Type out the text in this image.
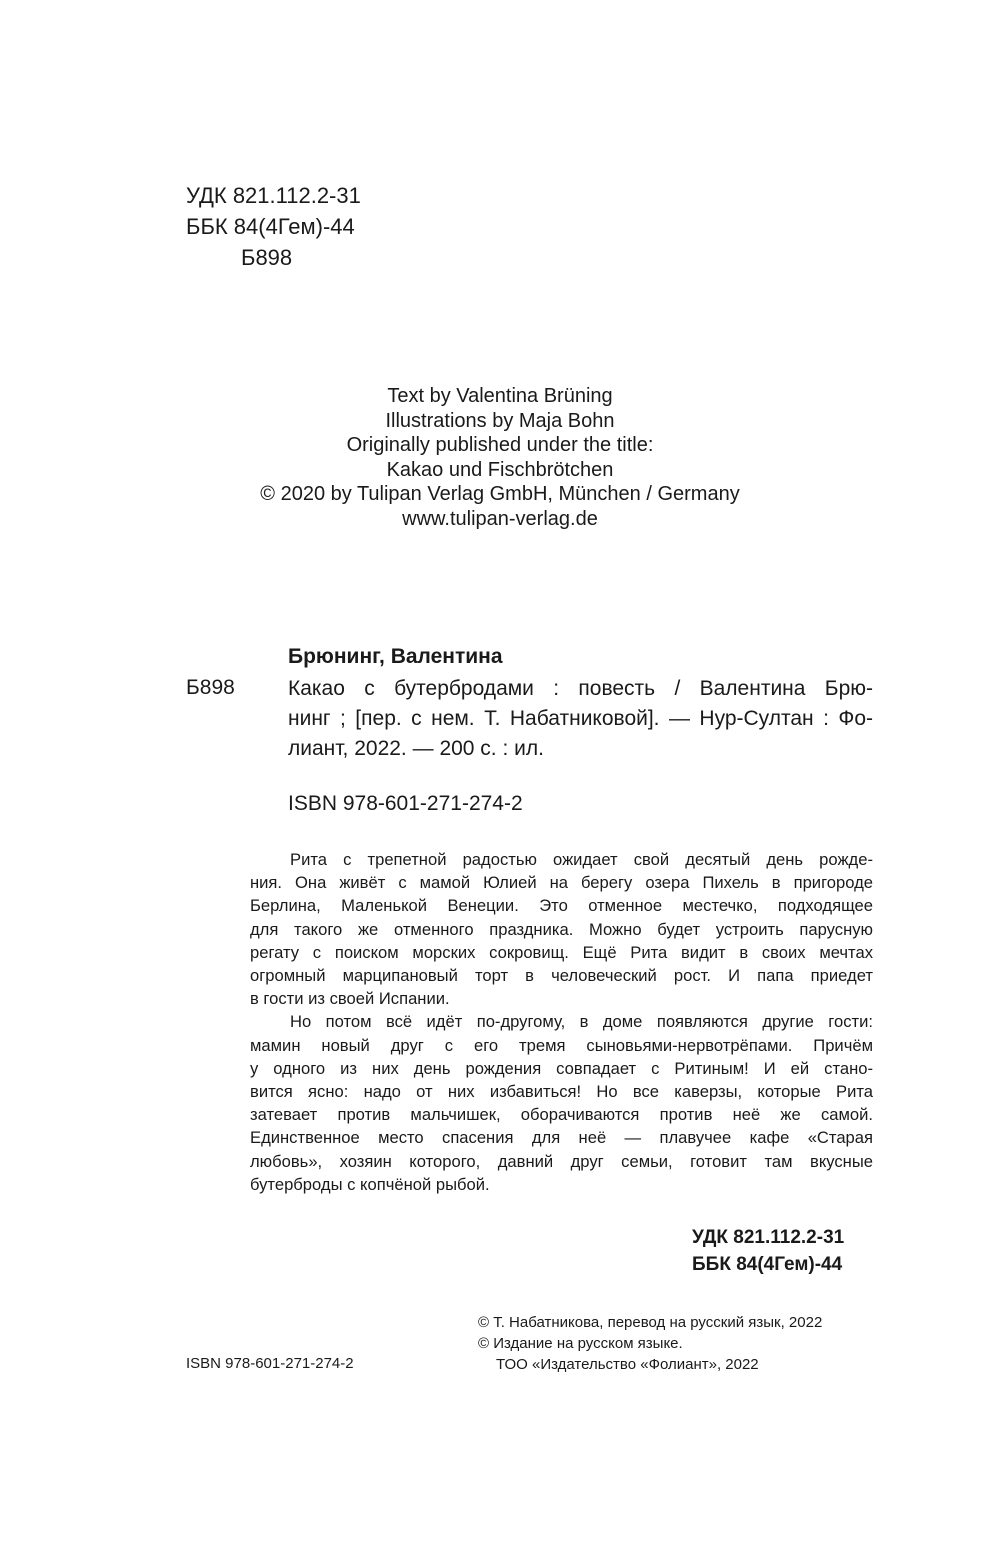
УДК 821.112.2-31
ББК 84(4Гем)-44
Б898
Text by Valentina Brüning
Illustrations by Maja Bohn
Originally published under the title:
Kakao und Fischbrötchen
© 2020 by Tulipan Verlag GmbH, München / Germany
www.tulipan-verlag.de
Брюнинг, Валентина
Б898	Какао с бутербродами : повесть / Валентина Брю-
нинг ; [пер. с нем. Т. Набатниковой]. — Нур-Султан : Фо-
лиант, 2022. — 200 с. : ил.
ISBN 978-601-271-274-2
Рита с трепетной радостью ожидает свой десятый день рожде-
ния. Она живёт с мамой Юлией на берегу озера Пихель в пригороде
Берлина, Маленькой Венеции. Это отменное местечко, подходящее
для такого же отменного праздника. Можно будет устроить парусную
регату с поиском морских сокровищ. Ещё Рита видит в своих мечтах
огромный марципановый торт в человеческий рост. И папа приедет
в гости из своей Испании.
Но потом всё идёт по-другому, в доме появляются другие гости:
мамин новый друг с его тремя сыновьями-нервотрёпами. Причём
у одного из них день рождения совпадает с Ритиным! И ей стано-
вится ясно: надо от них избавиться! Но все каверзы, которые Рита
затевает против мальчишек, оборачиваются против неё же самой.
Единственное место спасения для неё — плавучее кафе «Старая
любовь», хозяин которого, давний друг семьи, готовит там вкусные
бутерброды с копчёной рыбой.
УДК 821.112.2-31
ББК 84(4Гем)-44
ISBN 978-601-271-274-2
© Т. Набатникова, перевод на русский язык, 2022
© Издание на русском языке.
ТОО «Издательство «Фолиант», 2022
